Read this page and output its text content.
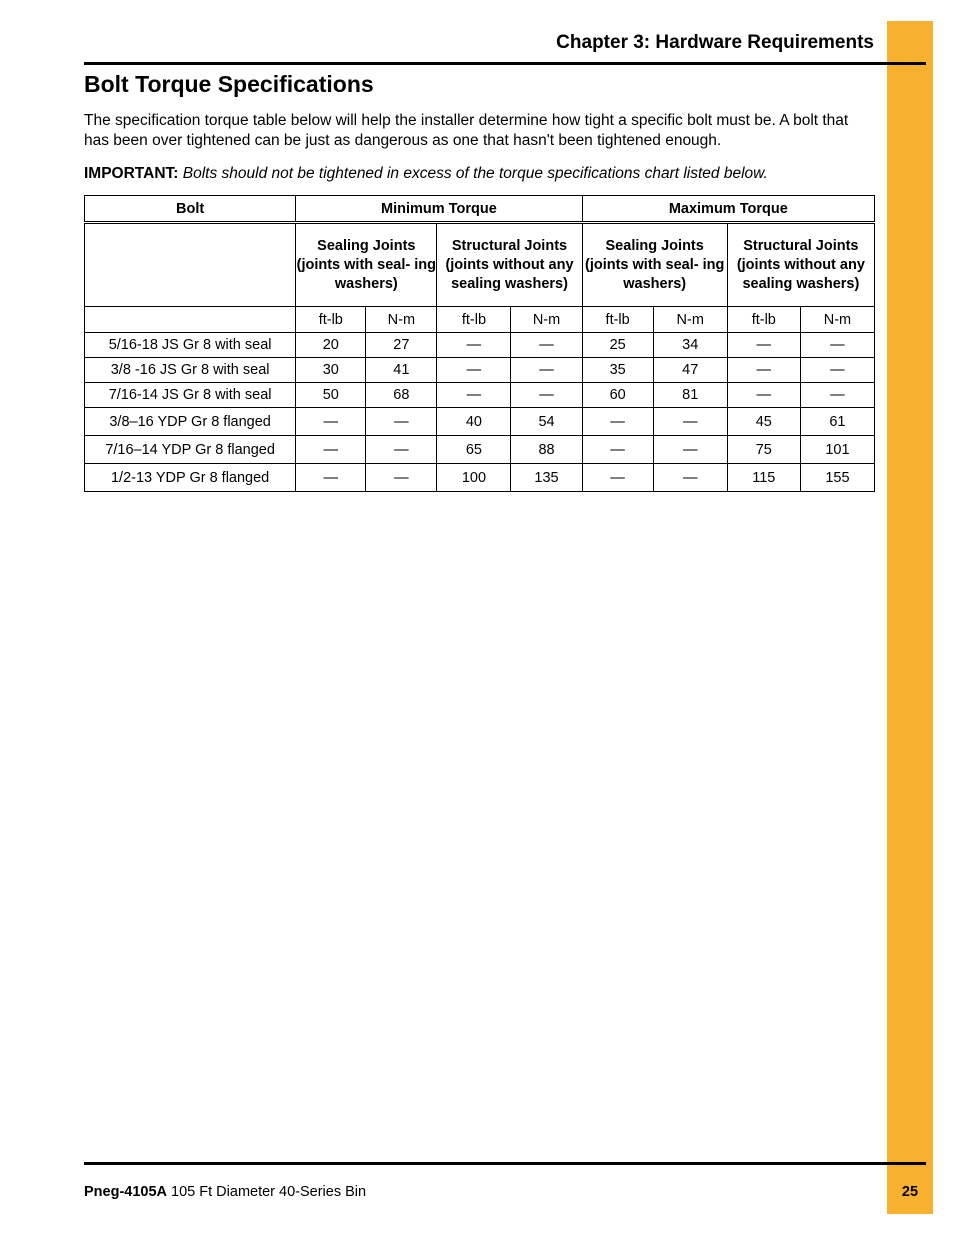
Chapter 3: Hardware Requirements
Bolt Torque Specifications

The specification torque table below will help the installer determine how tight a specific bolt must be. A bolt that has been over tightened can be just as dangerous as one that hasn't been tightened enough.

IMPORTANT: Bolts should not be tightened in excess of the torque specifications chart listed below.

Bolt	Minimum Torque				Maximum Torque			
	Sealing Joints (joints with seal- ing washers)		Structural Joints (joints without any sealing washers)		Sealing Joints (joints with seal- ing washers)		Structural Joints (joints without any sealing washers)	
	ft-lb	N-m	ft-lb	N-m	ft-lb	N-m	ft-lb	N-m
5/16-18 JS Gr 8 with seal	20	27	—	—	25	34	—	—
3/8 -16 JS Gr 8 with seal	30	41	—	—	35	47	—	—
7/16-14 JS Gr 8 with seal	50	68	—	—	60	81	—	—
3/8–16 YDP Gr 8 flanged	—	—	40	54	—	—	45	61
7/16–14 YDP Gr 8 flanged	—	—	65	88	—	—	75	101
1/2-13 YDP Gr 8 flanged	—	—	100	135	—	—	115	155
Pneg-4105A 105 Ft Diameter 40-Series Bin	25
